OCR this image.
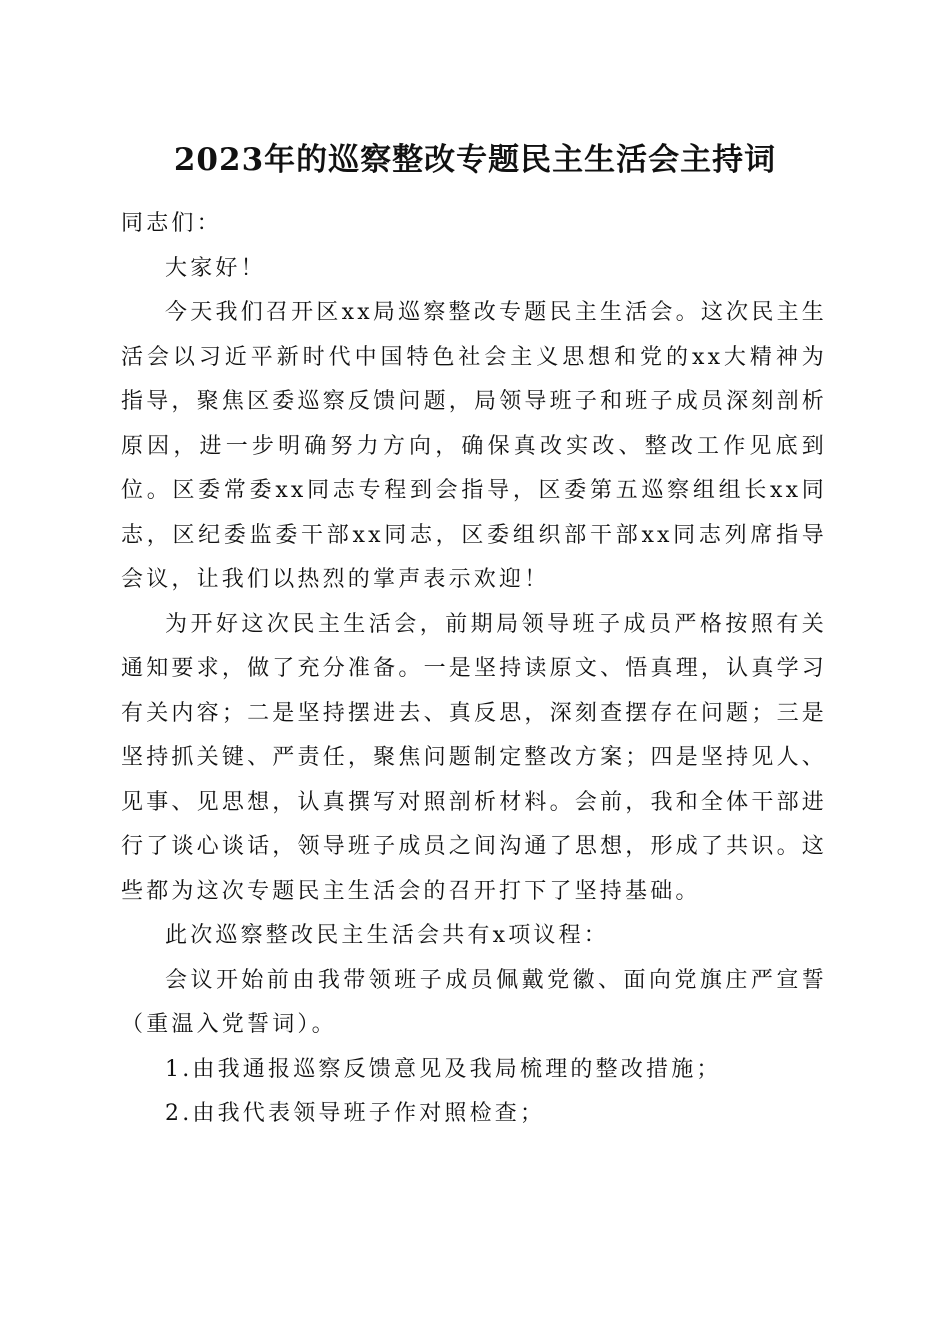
2023年的巡察整改专题民主生活会主持词

同志们：

大家好！

今天我们召开区xx局巡察整改专题民主生活会。这次民主生活会以习近平新时代中国特色社会主义思想和党的xx大精神为指导，聚焦区委巡察反馈问题，局领导班子和班子成员深刻剖析原因，进一步明确努力方向，确保真改实改、整改工作见底到位。区委常委xx同志专程到会指导，区委第五巡察组组长xx同志，区纪委监委干部xx同志，区委组织部干部xx同志列席指导会议，让我们以热烈的掌声表示欢迎！

为开好这次民主生活会，前期局领导班子成员严格按照有关通知要求，做了充分准备。一是坚持读原文、悟真理，认真学习有关内容；二是坚持摆进去、真反思，深刻查摆存在问题；三是坚持抓关键、严责任，聚焦问题制定整改方案；四是坚持见人、见事、见思想，认真撰写对照剖析材料。会前，我和全体干部进行了谈心谈话，领导班子成员之间沟通了思想，形成了共识。这些都为这次专题民主生活会的召开打下了坚持基础。

此次巡察整改民主生活会共有x项议程：

会议开始前由我带领班子成员佩戴党徽、面向党旗庄严宣誓（重温入党誓词）。

1.由我通报巡察反馈意见及我局梳理的整改措施；

2.由我代表领导班子作对照检查；
